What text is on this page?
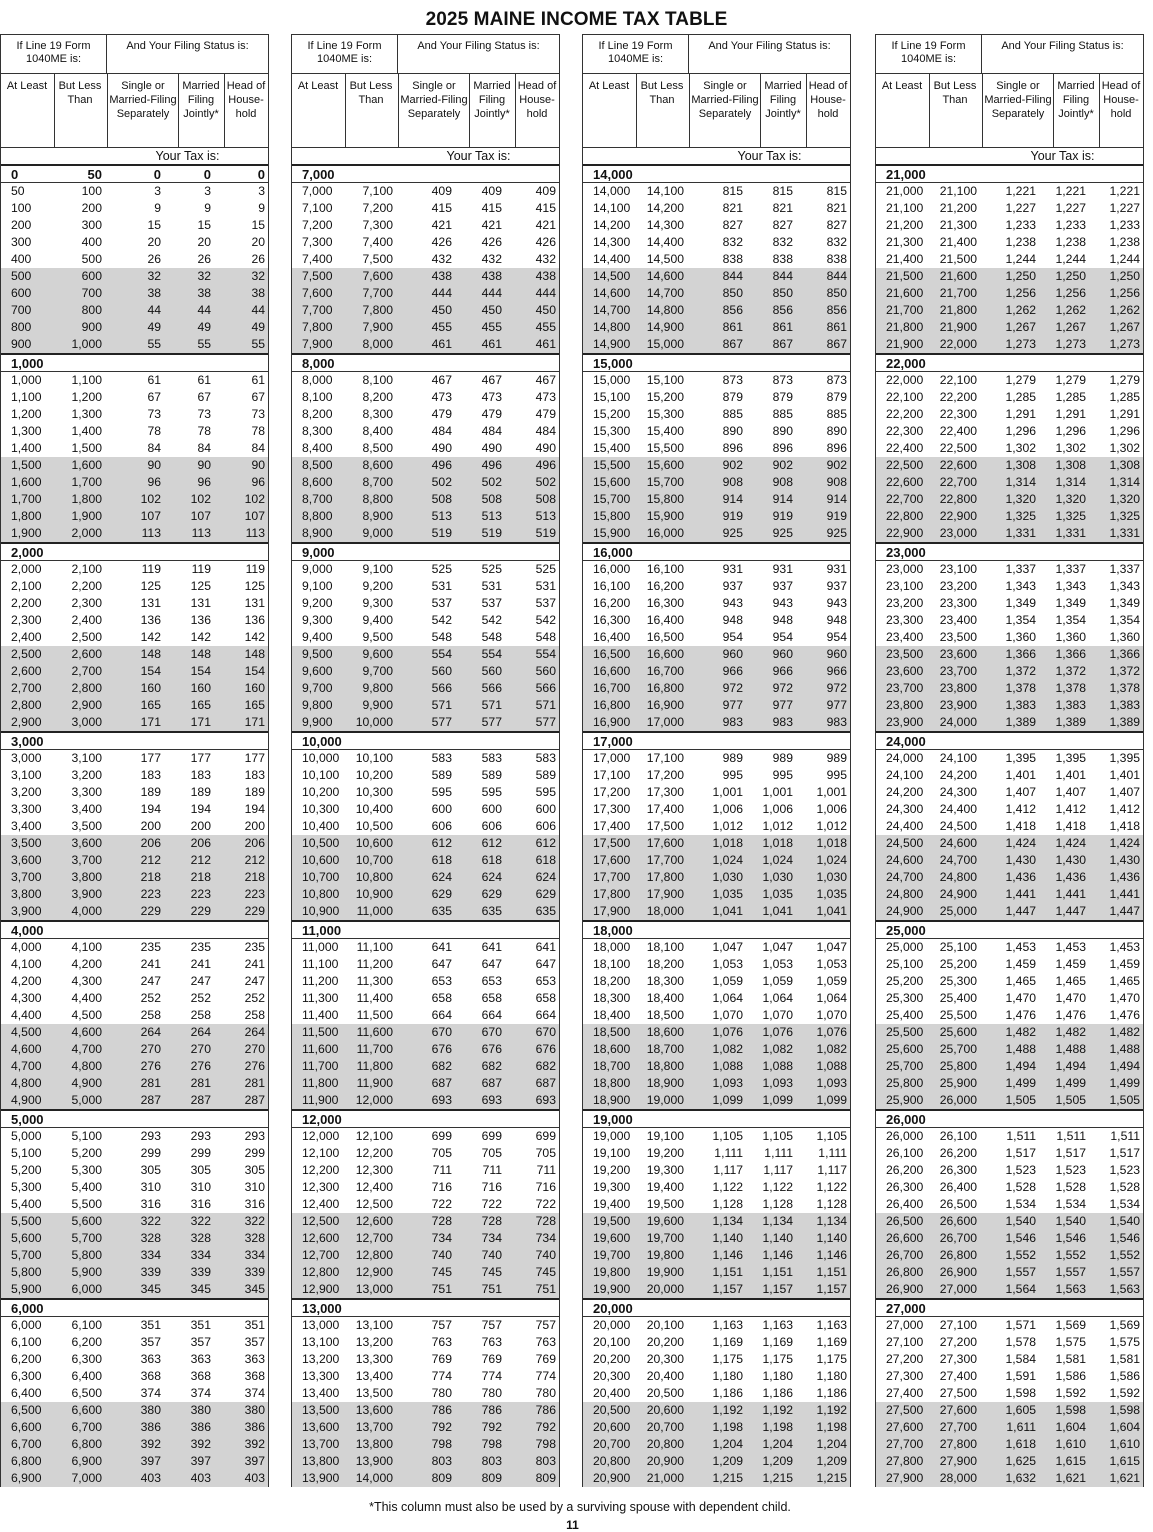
2025 MAINE INCOME TAX TABLE
If Line 19 Form 1040ME is:
And Your Filing Status is:
At Least	But Less Than
Single or Married-Filing Separately
Married Filing Jointly*
Head of House-hold
Your Tax is:
0	50	0	0	0
50	100	3	3	3
100	200	9	9	9
200	300	15	15	15
300	400	20	20	20
400	500	26	26	26
500	600	32	32	32
600	700	38	38	38
700	800	44	44	44
800	900	49	49	49
900	1,000	55	55	55
1,000
1,000 1,100	61	61	61
1,100 1,200	67	67	67
1,200 1,300	73	73	73
1,300 1,400	78	78	78
1,400 1,500	84	84	84
1,500 1,600	90	90	90
1,600 1,700	96	96	96
1,700 1,800	102 102	102
1,800 1,900	107 107	107
1,900 2,000	113	113	113
2,000
2,000 2,100	119	119	119
2,100 2,200	125 125	125
2,200 2,300	131 131	131
2,300 2,400	136 136	136
2,400 2,500	142 142	142
2,500 2,600	148 148	148
2,600 2,700	154 154	154
2,700 2,800	160 160	160
2,800 2,900	165 165	165
2,900 3,000	171 171	171
3,000
3,000 3,100	177 177	177
3,100 3,200	183 183	183
3,200 3,300	189 189	189
3,300 3,400	194 194	194
3,400 3,500	200 200	200
3,500 3,600	206 206	206
3,600 3,700	212 212	212
3,700 3,800	218 218	218
3,800 3,900	223 223	223
3,900 4,000	229 229	229
4,000
4,000 4,100	235 235	235
4,100 4,200	241 241	241
4,200 4,300	247 247	247
4,300 4,400	252 252	252
4,400 4,500	258 258	258
4,500 4,600	264 264	264
4,600 4,700	270 270	270
4,700 4,800	276 276	276
4,800 4,900	281 281	281
4,900 5,000	287 287	287
5,000
5,000 5,100	293 293	293
5,100 5,200	299 299	299
5,200 5,300	305 305	305
5,300 5,400	310 310	310
5,400 5,500	316 316	316
5,500 5,600	322 322	322
5,600 5,700	328 328	328
5,700 5,800	334 334	334
5,800 5,900	339 339	339
5,900 6,000	345 345	345
6,000
6,000 6,100	351 351	351
6,100 6,200	357 357	357
6,200 6,300	363 363	363
6,300 6,400	368 368	368
6,400 6,500	374 374	374
6,500 6,600	380 380	380
6,600 6,700	386 386	386
6,700 6,800	392 392	392
6,800 6,900	397 397	397
6,900 7,000	403 403	403
If Line 19 Form 1040ME is:
And Your Filing Status is:
At Least	But Less Than
Single or Married-Filing Separately
Married Filing Jointly*
Head of House-hold
Your Tax is:
7,000
7,000 7,100	409 409	409
7,100 7,200	415 415	415
7,200 7,300	421 421	421
7,300 7,400	426 426	426
7,400 7,500	432 432	432
7,500 7,600	438 438	438
7,600 7,700	444 444	444
7,700 7,800	450 450	450
7,800 7,900	455 455	455
7,900 8,000	461 461	461
8,000
8,000 8,100	467 467	467
8,100 8,200	473 473	473
8,200 8,300	479 479	479
8,300 8,400	484 484	484
8,400 8,500	490 490	490
8,500 8,600	496 496	496
8,600 8,700	502 502	502
8,700 8,800	508 508	508
8,800 8,900	513 513	513
8,900 9,000	519 519	519
9,000
9,000 9,100	525 525	525
9,100 9,200	531 531	531
9,200 9,300	537 537	537
9,300 9,400	542 542	542
9,400 9,500	548 548	548
9,500 9,600	554 554	554
9,600 9,700	560 560	560
9,700 9,800	566 566	566
9,800 9,900	571 571	571
9,900 10,000	577 577	577
10,000
10,000 10,100	583 583	583
10,100 10,200	589 589	589
10,200 10,300	595 595	595
10,300 10,400	600 600	600
10,400 10,500	606 606	606
10,500 10,600	612 612	612
10,600 10,700	618 618	618
10,700 10,800	624 624	624
10,800 10,900	629 629	629
10,900 11,000	635 635	635
11,000
11,000 11,100	641 641	641
11,100 11,200	647 647	647
11,200 11,300	653 653	653
11,300 11,400	658 658	658
11,400 11,500	664 664	664
11,500 11,600	670 670	670
11,600 11,700	676 676	676
11,700 11,800	682 682	682
11,800 11,900	687 687	687
11,900 12,000	693 693	693
12,000
12,000 12,100	699 699	699
12,100 12,200	705 705	705
12,200 12,300	711	711	711
12,300 12,400	716 716	716
12,400 12,500	722 722	722
12,500 12,600	728 728	728
12,600 12,700	734 734	734
12,700 12,800	740 740	740
12,800 12,900	745 745	745
12,900 13,000	751 751	751
13,000
13,000 13,100	757 757	757
13,100 13,200	763 763	763
13,200 13,300	769 769	769
13,300 13,400	774 774	774
13,400 13,500	780 780	780
13,500 13,600	786 786	786
13,600 13,700	792 792	792
13,700 13,800	798 798	798
13,800 13,900	803 803	803
13,900 14,000	809 809	809
If Line 19 Form 1040ME is:
And Your Filing Status is:
At Least	But Less Than
Single or Married-Filing Separately
Married Filing Jointly*
Head of House-hold
Your Tax is:
14,000
14,000 14,100	815 815	815
14,100 14,200	821 821	821
14,200 14,300	827 827	827
14,300 14,400	832 832	832
14,400 14,500	838 838	838
14,500 14,600	844 844	844
14,600 14,700	850 850	850
14,700 14,800	856 856	856
14,800 14,900	861 861	861
14,900 15,000	867 867	867
15,000
15,000 15,100	873 873	873
15,100 15,200	879 879	879
15,200 15,300	885 885	885
15,300 15,400	890 890	890
15,400 15,500	896 896	896
15,500 15,600	902 902	902
15,600 15,700	908 908	908
15,700 15,800	914 914	914
15,800 15,900	919 919	919
15,900 16,000	925 925	925
16,000
16,000 16,100	931 931	931
16,100 16,200	937 937	937
16,200 16,300	943 943	943
16,300 16,400	948 948	948
16,400 16,500	954 954	954
16,500 16,600	960 960	960
16,600 16,700	966 966	966
16,700 16,800	972 972	972
16,800 16,900	977 977	977
16,900 17,000	983 983	983
17,000
17,000 17,100	989 989	989
17,100 17,200	995 995	995
17,200 17,300 1,001 1,001 1,001
17,300 17,400 1,006 1,006 1,006
17,400 17,500 1,012 1,012 1,012
17,500 17,600 1,018 1,018 1,018
17,600 17,700 1,024 1,024 1,024
17,700 17,800 1,030 1,030 1,030
17,800 17,900 1,035 1,035 1,035
17,900 18,000 1,041 1,041 1,041
18,000
18,000 18,100 1,047 1,047 1,047
18,100 18,200 1,053 1,053 1,053
18,200 18,300 1,059 1,059 1,059
18,300 18,400 1,064 1,064 1,064
18,400 18,500 1,070 1,070 1,070
18,500 18,600 1,076 1,076 1,076
18,600 18,700 1,082 1,082 1,082
18,700 18,800 1,088 1,088 1,088
18,800 18,900 1,093 1,093 1,093
18,900 19,000 1,099 1,099 1,099
19,000
19,000 19,100 1,105 1,105 1,105
19,100 19,200 1,111 1,111 1,111
19,200 19,300 1,117 1,117 1,117
19,300 19,400 1,122 1,122 1,122
19,400 19,500 1,128 1,128 1,128
19,500 19,600 1,134 1,134 1,134
19,600 19,700 1,140 1,140 1,140
19,700 19,800 1,146 1,146 1,146
19,800 19,900 1,151 1,151 1,151
19,900 20,000 1,157 1,157 1,157
20,000
20,000 20,100 1,163 1,163 1,163
20,100 20,200 1,169 1,169 1,169
20,200 20,300 1,175 1,175 1,175
20,300 20,400 1,180 1,180 1,180
20,400 20,500 1,186 1,186 1,186
20,500 20,600 1,192 1,192 1,192
20,600 20,700 1,198 1,198 1,198
20,700 20,800 1,204 1,204 1,204
20,800 20,900 1,209 1,209 1,209
20,900 21,000 1,215 1,215 1,215
If Line 19 Form 1040ME is:
And Your Filing Status is:
At Least	But Less Than
Single or Married-Filing Separately
Married Filing Jointly*
Head of House-hold
Your Tax is:
21,000
21,000 21,100 1,221 1,221 1,221
21,100 21,200 1,227 1,227 1,227
21,200 21,300 1,233 1,233 1,233
21,300 21,400 1,238 1,238 1,238
21,400 21,500 1,244 1,244 1,244
21,500 21,600 1,250 1,250 1,250
21,600 21,700 1,256 1,256 1,256
21,700 21,800 1,262 1,262 1,262
21,800 21,900 1,267 1,267 1,267
21,900 22,000 1,273 1,273 1,273
22,000
22,000 22,100 1,279 1,279 1,279
22,100 22,200 1,285 1,285 1,285
22,200 22,300 1,291 1,291 1,291
22,300 22,400 1,296 1,296 1,296
22,400 22,500 1,302 1,302 1,302
22,500 22,600 1,308 1,308 1,308
22,600 22,700 1,314 1,314 1,314
22,700 22,800 1,320 1,320 1,320
22,800 22,900 1,325 1,325 1,325
22,900 23,000 1,331 1,331 1,331
23,000
23,000 23,100 1,337 1,337 1,337
23,100 23,200 1,343 1,343 1,343
23,200 23,300 1,349 1,349 1,349
23,300 23,400 1,354 1,354 1,354
23,400 23,500 1,360 1,360 1,360
23,500 23,600 1,366 1,366 1,366
23,600 23,700 1,372 1,372 1,372
23,700 23,800 1,378 1,378 1,378
23,800 23,900 1,383 1,383 1,383
23,900 24,000 1,389 1,389 1,389
24,000
24,000 24,100 1,395 1,395 1,395
24,100 24,200 1,401 1,401 1,401
24,200 24,300 1,407 1,407 1,407
24,300 24,400 1,412 1,412 1,412
24,400 24,500 1,418 1,418 1,418
24,500 24,600 1,424 1,424 1,424
24,600 24,700 1,430 1,430 1,430
24,700 24,800 1,436 1,436 1,436
24,800 24,900 1,441 1,441 1,441
24,900 25,000 1,447 1,447 1,447
25,000
25,000 25,100 1,453 1,453 1,453
25,100 25,200 1,459 1,459 1,459
25,200 25,300 1,465 1,465 1,465
25,300 25,400 1,470 1,470 1,470
25,400 25,500 1,476 1,476 1,476
25,500 25,600 1,482 1,482 1,482
25,600 25,700 1,488 1,488 1,488
25,700 25,800 1,494 1,494 1,494
25,800 25,900 1,499 1,499 1,499
25,900 26,000 1,505 1,505 1,505
26,000
26,000 26,100 1,511 1,511 1,511
26,100 26,200 1,517 1,517 1,517
26,200 26,300 1,523 1,523 1,523
26,300 26,400 1,528 1,528 1,528
26,400 26,500 1,534 1,534 1,534
26,500 26,600 1,540 1,540 1,540
26,600 26,700 1,546 1,546 1,546
26,700 26,800 1,552 1,552 1,552
26,800 26,900 1,557 1,557 1,557
26,900 27,000 1,564 1,563 1,563
27,000
27,000 27,100 1,571 1,569 1,569
27,100 27,200 1,578 1,575 1,575
27,200 27,300 1,584 1,581 1,581
27,300 27,400 1,591 1,586 1,586
27,400 27,500 1,598 1,592 1,592
27,500 27,600 1,605 1,598 1,598
27,600 27,700 1,611 1,604 1,604
27,700 27,800 1,618 1,610 1,610
27,800 27,900 1,625 1,615 1,615
27,900 28,000 1,632 1,621 1,621
*This column must also be used by a surviving spouse with dependent child.
11
